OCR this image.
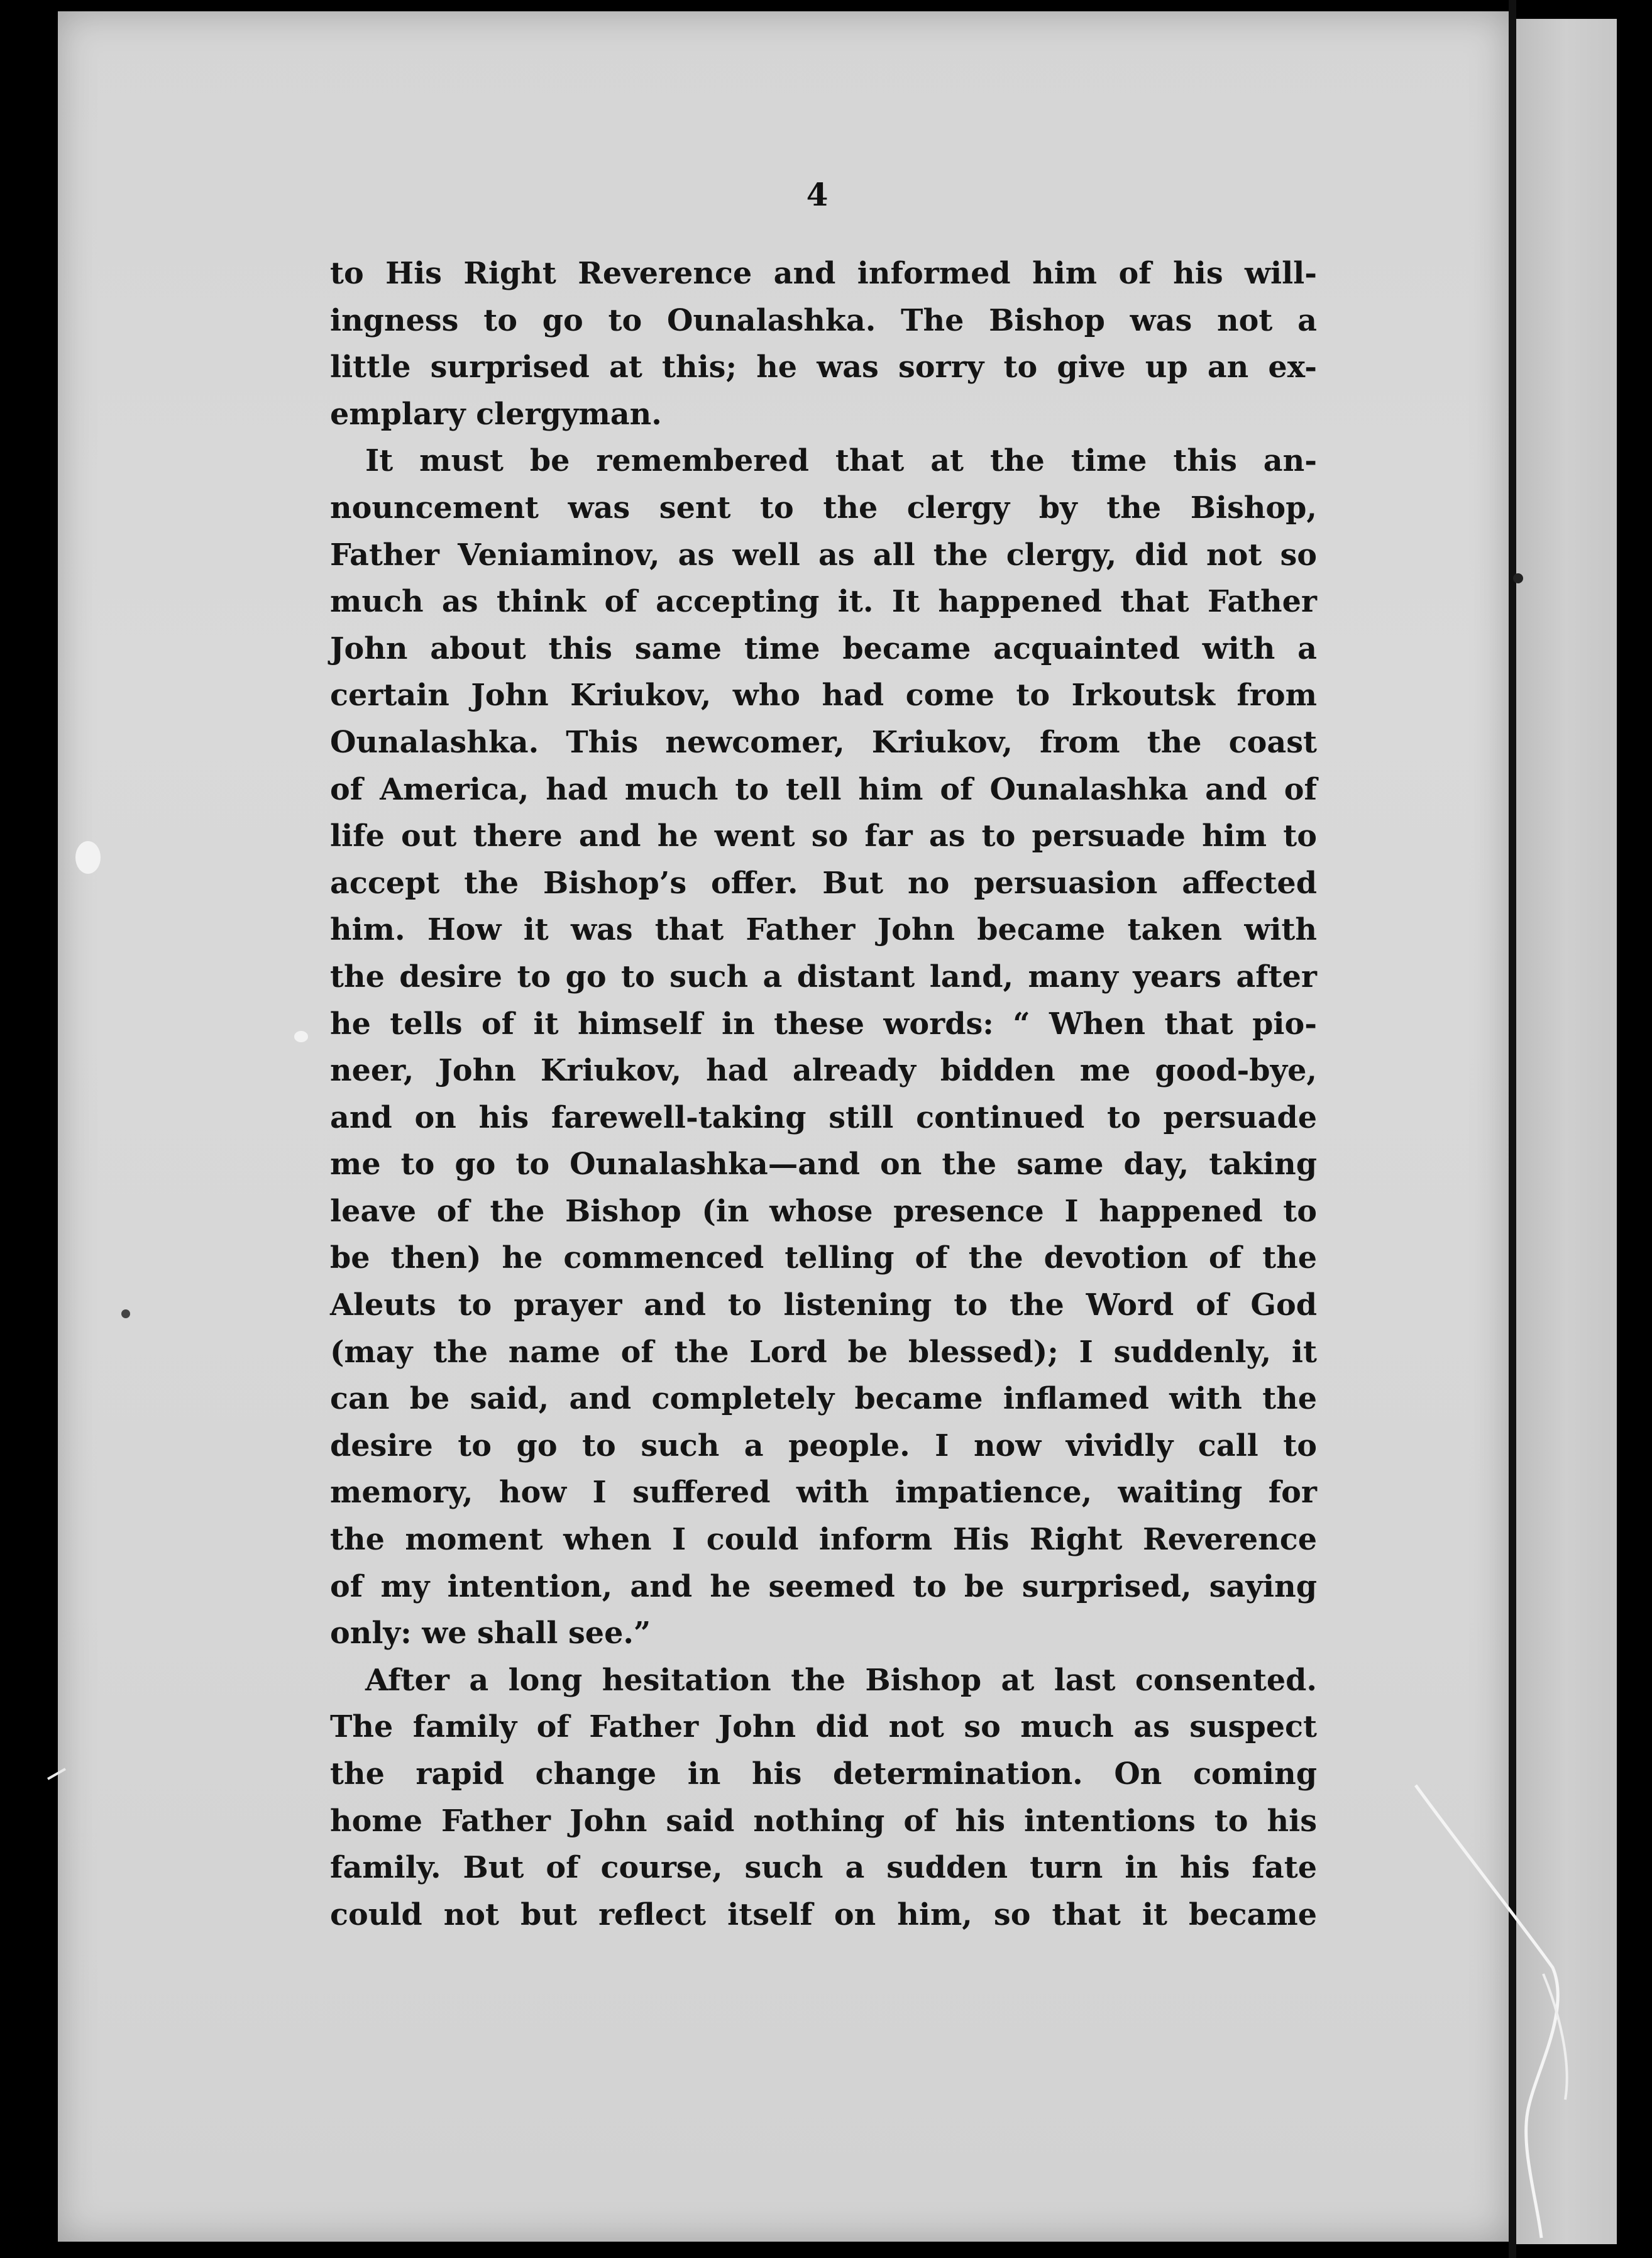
4
to His Right Reverence and informed him of his will-
ingness to go to Ounalashka. The Bishop was not a
little surprised at this; he was sorry to give up an ex-
emplary clergyman.
It must be remembered that at the time this an-
nouncement was sent to the clergy by the Bishop,
Father Veniaminov, as well as all the clergy, did not so
much as think of accepting it. It happened that Father
John about this same time became acquainted with a
certain John Kriukov, who had come to Irkoutsk from
Ounalashka. This newcomer, Kriukov, from the coast
of America, had much to tell him of Ounalashka and of
life out there and he went so far as to persuade him to
accept the Bishop’s offer. But no persuasion affected
him. How it was that Father John became taken with
the desire to go to such a distant land, many years after
he tells of it himself in these words: “ When that pio-
neer, John Kriukov, had already bidden me good-bye,
and on his farewell-taking still continued to persuade
me to go to Ounalashka—and on the same day, taking
leave of the Bishop (in whose presence I happened to
be then) he commenced telling of the devotion of the
Aleuts to prayer and to listening to the Word of God
(may the name of the Lord be blessed); I suddenly, it
can be said, and completely became inflamed with the
desire to go to such a people. I now vividly call to
memory, how I suffered with impatience, waiting for
the moment when I could inform His Right Reverence
of my intention, and he seemed to be surprised, saying
only: we shall see.”
After a long hesitation the Bishop at last consented.
The family of Father John did not so much as suspect
the rapid change in his determination. On coming
home Father John said nothing of his intentions to his
family. But of course, such a sudden turn in his fate
could not but reflect itself on him, so that it became
